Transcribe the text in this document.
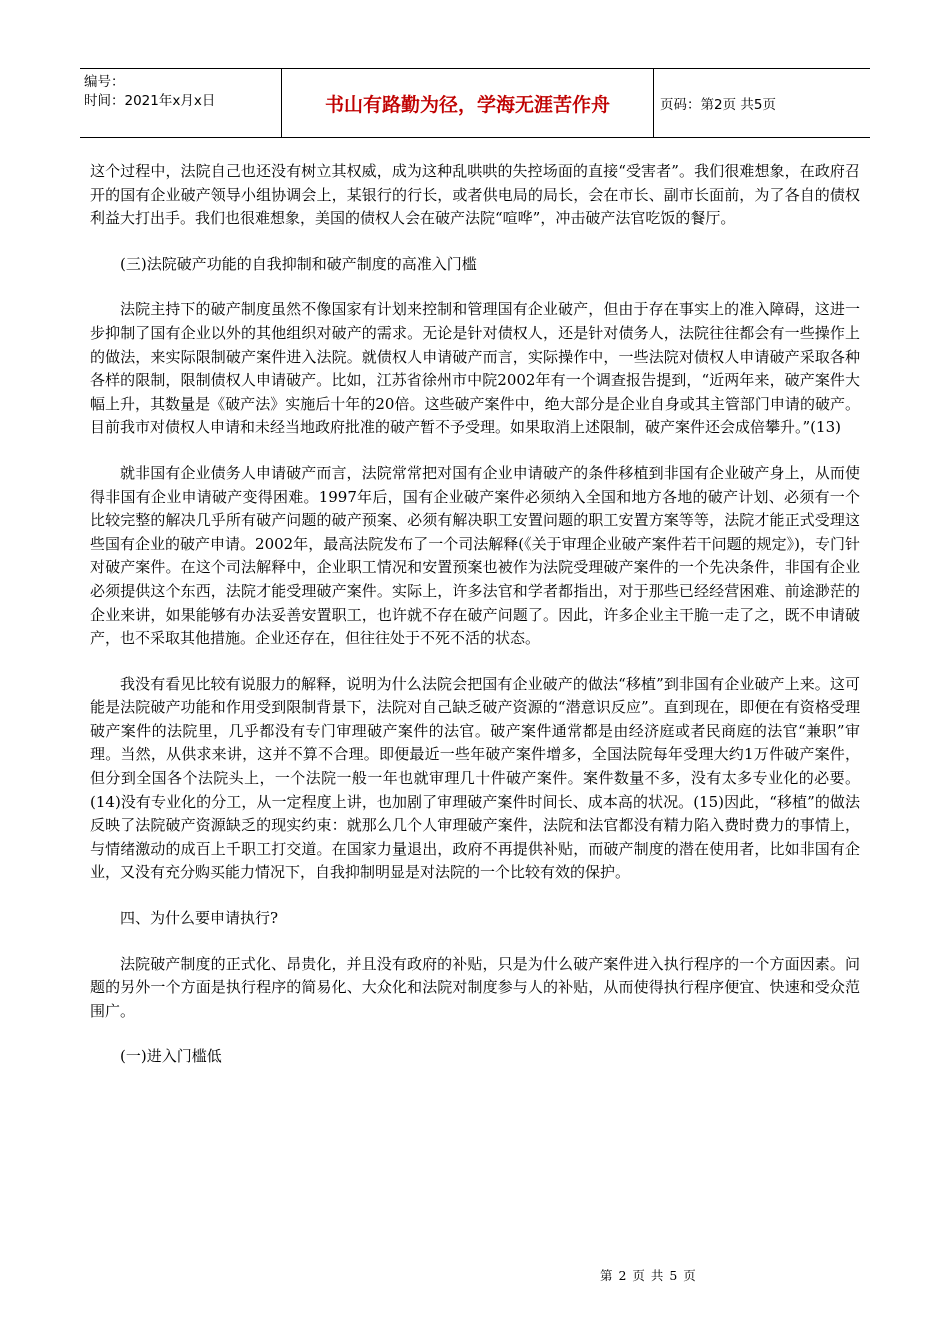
编号：
时间：2021年x月x日	书山有路勤为径，学海无涯苦作舟	页码：第2页 共5页

这个过程中，法院自己也还没有树立其权威，成为这种乱哄哄的失控场面的直接“受害者”。我们很难想象，在政府召开的国有企业破产领导小组协调会上，某银行的行长，或者供电局的局长，会在市长、副市长面前，为了各自的债权利益大打出手。我们也很难想象，美国的债权人会在破产法院“喧哗”，冲击破产法官吃饭的餐厅。

(三)法院破产功能的自我抑制和破产制度的高准入门槛

法院主持下的破产制度虽然不像国家有计划来控制和管理国有企业破产，但由于存在事实上的准入障碍，这进一步抑制了国有企业以外的其他组织对破产的需求。无论是针对债权人，还是针对债务人，法院往往都会有一些操作上的做法，来实际限制破产案件进入法院。就债权人申请破产而言，实际操作中，一些法院对债权人申请破产采取各种各样的限制，限制债权人申请破产。比如，江苏省徐州市中院2002年有一个调查报告提到，“近两年来，破产案件大幅上升，其数量是《破产法》实施后十年的20倍。这些破产案件中，绝大部分是企业自身或其主管部门申请的破产。目前我市对债权人申请和未经当地政府批准的破产暂不予受理。如果取消上述限制，破产案件还会成倍攀升。”(13)

就非国有企业债务人申请破产而言，法院常常把对国有企业申请破产的条件移植到非国有企业破产身上，从而使得非国有企业申请破产变得困难。1997年后，国有企业破产案件必须纳入全国和地方各地的破产计划、必须有一个比较完整的解决几乎所有破产问题的破产预案、必须有解决职工安置问题的职工安置方案等等，法院才能正式受理这些国有企业的破产申请。2002年，最高法院发布了一个司法解释(《关于审理企业破产案件若干问题的规定》)，专门针对破产案件。在这个司法解释中，企业职工情况和安置预案也被作为法院受理破产案件的一个先决条件，非国有企业必须提供这个东西，法院才能受理破产案件。实际上，许多法官和学者都指出，对于那些已经经营困难、前途渺茫的企业来讲，如果能够有办法妥善安置职工，也许就不存在破产问题了。因此，许多企业主干脆一走了之，既不申请破产，也不采取其他措施。企业还存在，但往往处于不死不活的状态。

我没有看见比较有说服力的解释，说明为什么法院会把国有企业破产的做法“移植”到非国有企业破产上来。这可能是法院破产功能和作用受到限制背景下，法院对自己缺乏破产资源的“潜意识反应”。直到现在，即便在有资格受理破产案件的法院里，几乎都没有专门审理破产案件的法官。破产案件通常都是由经济庭或者民商庭的法官“兼职”审理。当然，从供求来讲，这并不算不合理。即便最近一些年破产案件增多，全国法院每年受理大约1万件破产案件，但分到全国各个法院头上，一个法院一般一年也就审理几十件破产案件。案件数量不多，没有太多专业化的必要。(14)没有专业化的分工，从一定程度上讲，也加剧了审理破产案件时间长、成本高的状况。(15)因此，“移植”的做法反映了法院破产资源缺乏的现实约束：就那么几个人审理破产案件，法院和法官都没有精力陷入费时费力的事情上，与情绪激动的成百上千职工打交道。在国家力量退出，政府不再提供补贴，而破产制度的潜在使用者，比如非国有企业，又没有充分购买能力情况下，自我抑制明显是对法院的一个比较有效的保护。

四、为什么要申请执行?

法院破产制度的正式化、昂贵化，并且没有政府的补贴，只是为什么破产案件进入执行程序的一个方面因素。问题的另外一个方面是执行程序的简易化、大众化和法院对制度参与人的补贴，从而使得执行程序便宜、快速和受众范围广。

(一)进入门槛低

第 2 页 共 5 页
